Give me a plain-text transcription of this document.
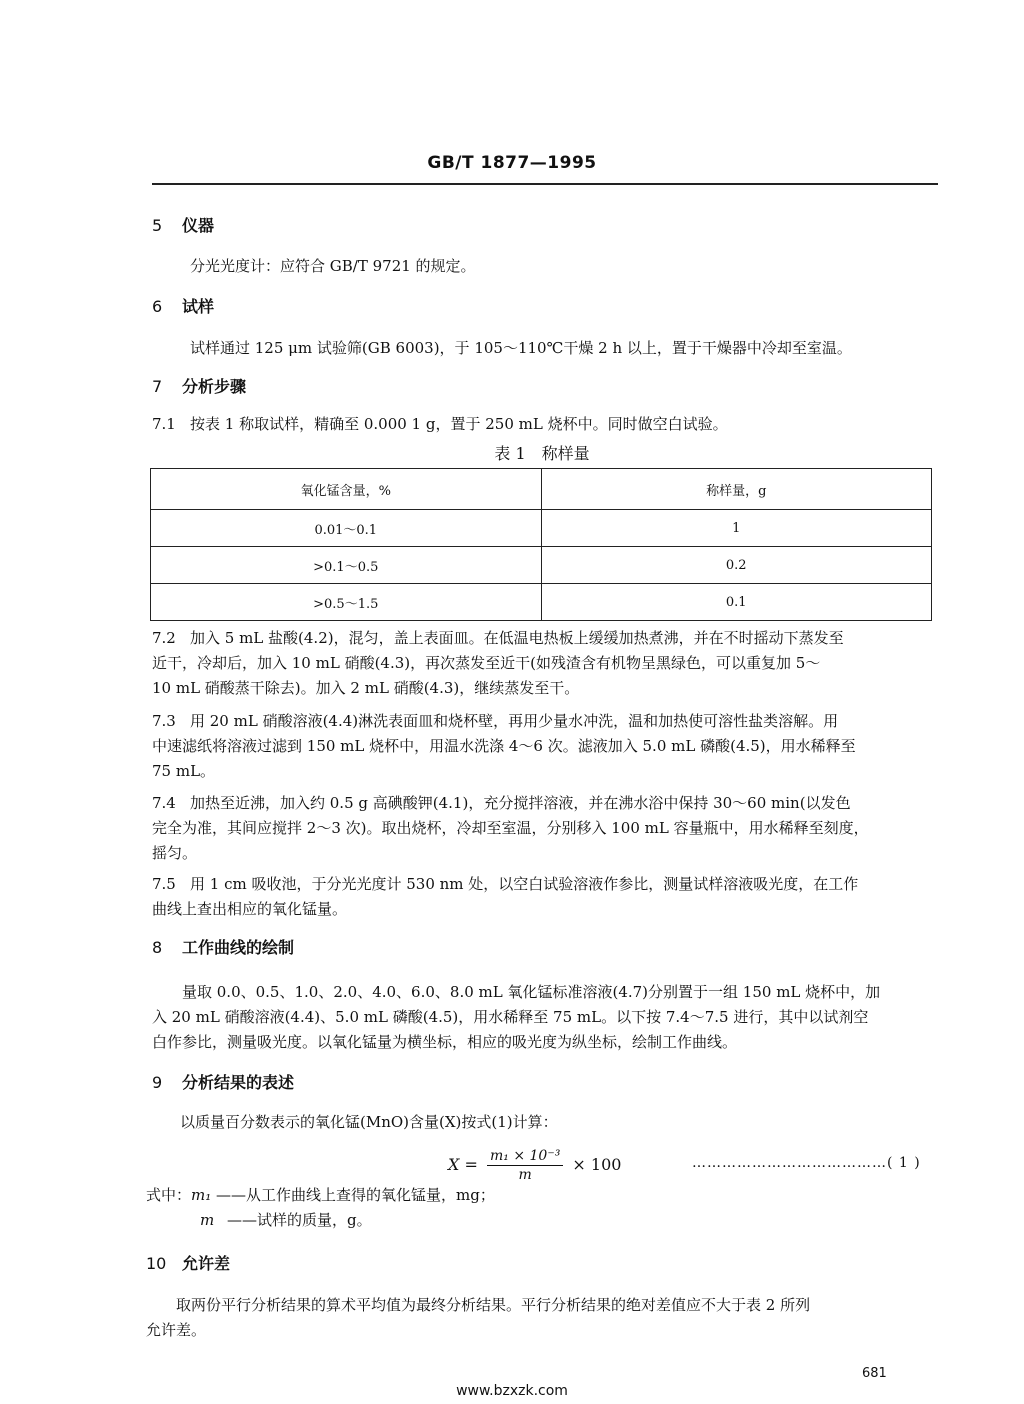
GB/T 1877—1995
5 仪器
分光光度计：应符合 GB/T 9721 的规定。
6 试样
试样通过 125 μm 试验筛(GB 6003)，于 105～110℃干燥 2 h 以上，置于干燥器中冷却至室温。
7 分析步骤
7.1 按表 1 称取试样，精确至 0.000 1 g，置于 250 mL 烧杯中。同时做空白试验。
表 1　称样量
氧化锰含量，%	称样量，g
0.01～0.1	1
>0.1～0.5	0.2
>0.5～1.5	0.1
7.2 加入 5 mL 盐酸(4.2)，混匀，盖上表面皿。在低温电热板上缓缓加热煮沸，并在不时摇动下蒸发至
近干，冷却后，加入 10 mL 硝酸(4.3)，再次蒸发至近干(如残渣含有机物呈黑绿色，可以重复加 5～
10 mL 硝酸蒸干除去)。加入 2 mL 硝酸(4.3)，继续蒸发至干。
7.3 用 20 mL 硝酸溶液(4.4)淋洗表面皿和烧杯壁，再用少量水冲洗，温和加热使可溶性盐类溶解。用
中速滤纸将溶液过滤到 150 mL 烧杯中，用温水洗涤 4～6 次。滤液加入 5.0 mL 磷酸(4.5)，用水稀释至
75 mL。
7.4 加热至近沸，加入约 0.5 g 高碘酸钾(4.1)，充分搅拌溶液，并在沸水浴中保持 30～60 min(以发色
完全为准，其间应搅拌 2～3 次)。取出烧杯，冷却至室温，分别移入 100 mL 容量瓶中，用水稀释至刻度，
摇匀。
7.5 用 1 cm 吸收池，于分光光度计 530 nm 处，以空白试验溶液作参比，测量试样溶液吸光度，在工作
曲线上查出相应的氧化锰量。
8 工作曲线的绘制
量取 0.0、0.5、1.0、2.0、4.0、6.0、8.0 mL 氧化锰标准溶液(4.7)分别置于一组 150 mL 烧杯中，加
入 20 mL 硝酸溶液(4.4)、5.0 mL 磷酸(4.5)，用水稀释至 75 mL。以下按 7.4～7.5 进行，其中以试剂空
白作参比，测量吸光度。以氧化锰量为横坐标，相应的吸光度为纵坐标，绘制工作曲线。
9 分析结果的表述
以质量百分数表示的氧化锰(MnO)含量(X)按式(1)计算：
$X = \frac{\text{m₁ × 10⁻³}}{m} \times 100$	…………………………………( 1 )
式中：m₁ ——从工作曲线上查得的氧化锰量，mg；
m ——试样的质量，g。
10 允许差
取两份平行分析结果的算术平均值为最终分析结果。平行分析结果的绝对差值应不大于表 2 所列
允许差。
681
www.bzxzk.com
